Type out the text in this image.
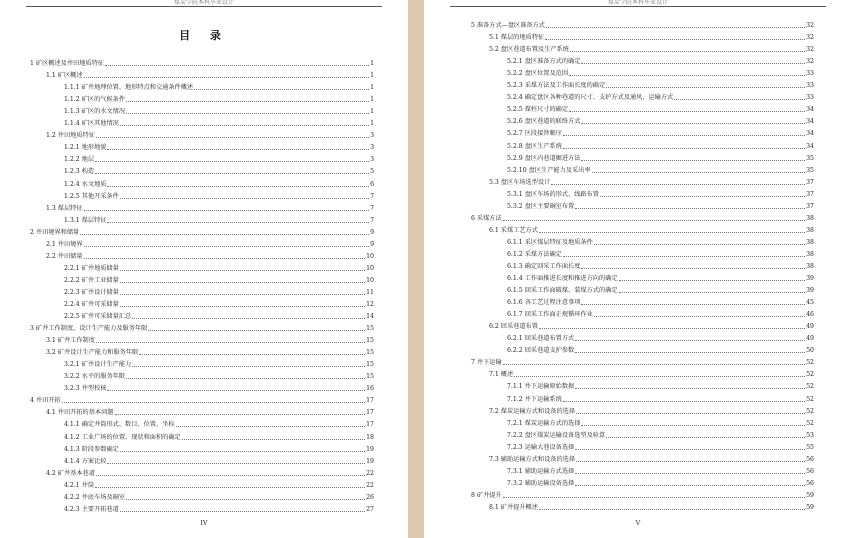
煤炭学院本科毕业设计
目 录
1 矿区概述及井田地质特征	1
1.1 矿区概述	1
1.1.1 矿井地理位置、地形特点和交通条件概述	1
1.1.2 矿区的气候条件	1
1.1.3 矿区的水文情况	1
1.1.4 矿区其他情况	1
1.2 井田地质特征	3
1.2.1 地形地貌	3
1.2.2 地层	3
1.2.3 构造	5
1.2.4 水文地质	6
1.2.5 其他开采条件	7
1.3 煤层特征	7
1.3.1 煤层特征	7
2 井田境界和储量	9
2.1 井田境界	9
2.2 井田储量	10
2.2.1 矿井地质储量	10
2.2.2 矿井工业储量	10
2.2.3 矿井设计储量	11
2.2.4 矿井可采储量	12
2.2.5 矿井可采储量汇总	14
3 矿井工作制度、设计生产能力及服务年限	15
3.1 矿井工作制度	15
3.2 矿井设计生产能力和服务年限	15
3.2.1 矿井设计生产能力	15
3.2.2 水平的服务年限	15
3.2.3 井型校核	16
4 井田开拓	17
4.1 井田开拓的基本问题	17
4.1.1 确定井筒形式、数目、位置、坐标	17
4.1.2 工业广场的位置、现状和面积的确定	18
4.1.3 阶段参数确定	19
4.1.4 方案比较	19
4.2 矿井基本巷道	22
4.2.1 井筒	22
4.2.2 井底车场及硐室	26
4.2.3 主要开拓巷道	27
IV
煤炭学院本科毕业设计
5 准备方式—盘区准备方式	32
5.1 煤层的地质特征	32
5.2 盘区巷道布置及生产系统	32
5.2.1 盘区准备方式的确定	32
5.2.2 盘区位置及范围	33
5.2.3 采煤方法及工作面长度的确定	33
5.2.4 确定盘区各种巷道的尺寸、支护方式及通风、运输方式	33
5.2.5 煤柱尺寸的确定	34
5.2.6 盘区巷道的联络方式	34
5.2.7 区段接替顺序	34
5.2.8 盘区生产系统	34
5.2.9 盘区内巷道掘进方法	35
5.2.10 盘区生产能力及采出率	35
5.3 盘区车场选型设计	37
5.3.1 盘区车场的形式、线路布置	37
5.3.2 盘区主要硐室布置	37
6 采煤方法	38
6.1 采煤工艺方式	38
6.1.1 采区煤层特征及地质条件	38
6.1.2 采煤方法确定	38
6.1.3 确定回采工作面长度	38
6.1.4 工作面推进长度和推进方向的确定	39
6.1.5 回采工作面破煤、装煤方式的确定	39
6.1.6 各工艺过程注意事项	45
6.1.7 回采工作面正规循环作业	46
6.2 回采巷道布置	49
6.2.1 回采巷道布置方式	49
6.2.2 回采巷道支护参数	50
7 井下运输	52
7.1 概述	52
7.1.1 井下运输原始数据	52
7.1.2 井下运输系统	52
7.2 煤炭运输方式和设备的选择	52
7.2.1 煤炭运输方式的选择	52
7.2.2 盘区煤炭运输设备选型及验算	53
7.2.3 运输大巷设备选择	55
7.3 辅助运输方式和设备的选择	56
7.3.1 辅助运输方式选择	56
7.3.2 辅助运输设备选择	56
8 矿井提升	59
8.1 矿井提升概述	59
V
